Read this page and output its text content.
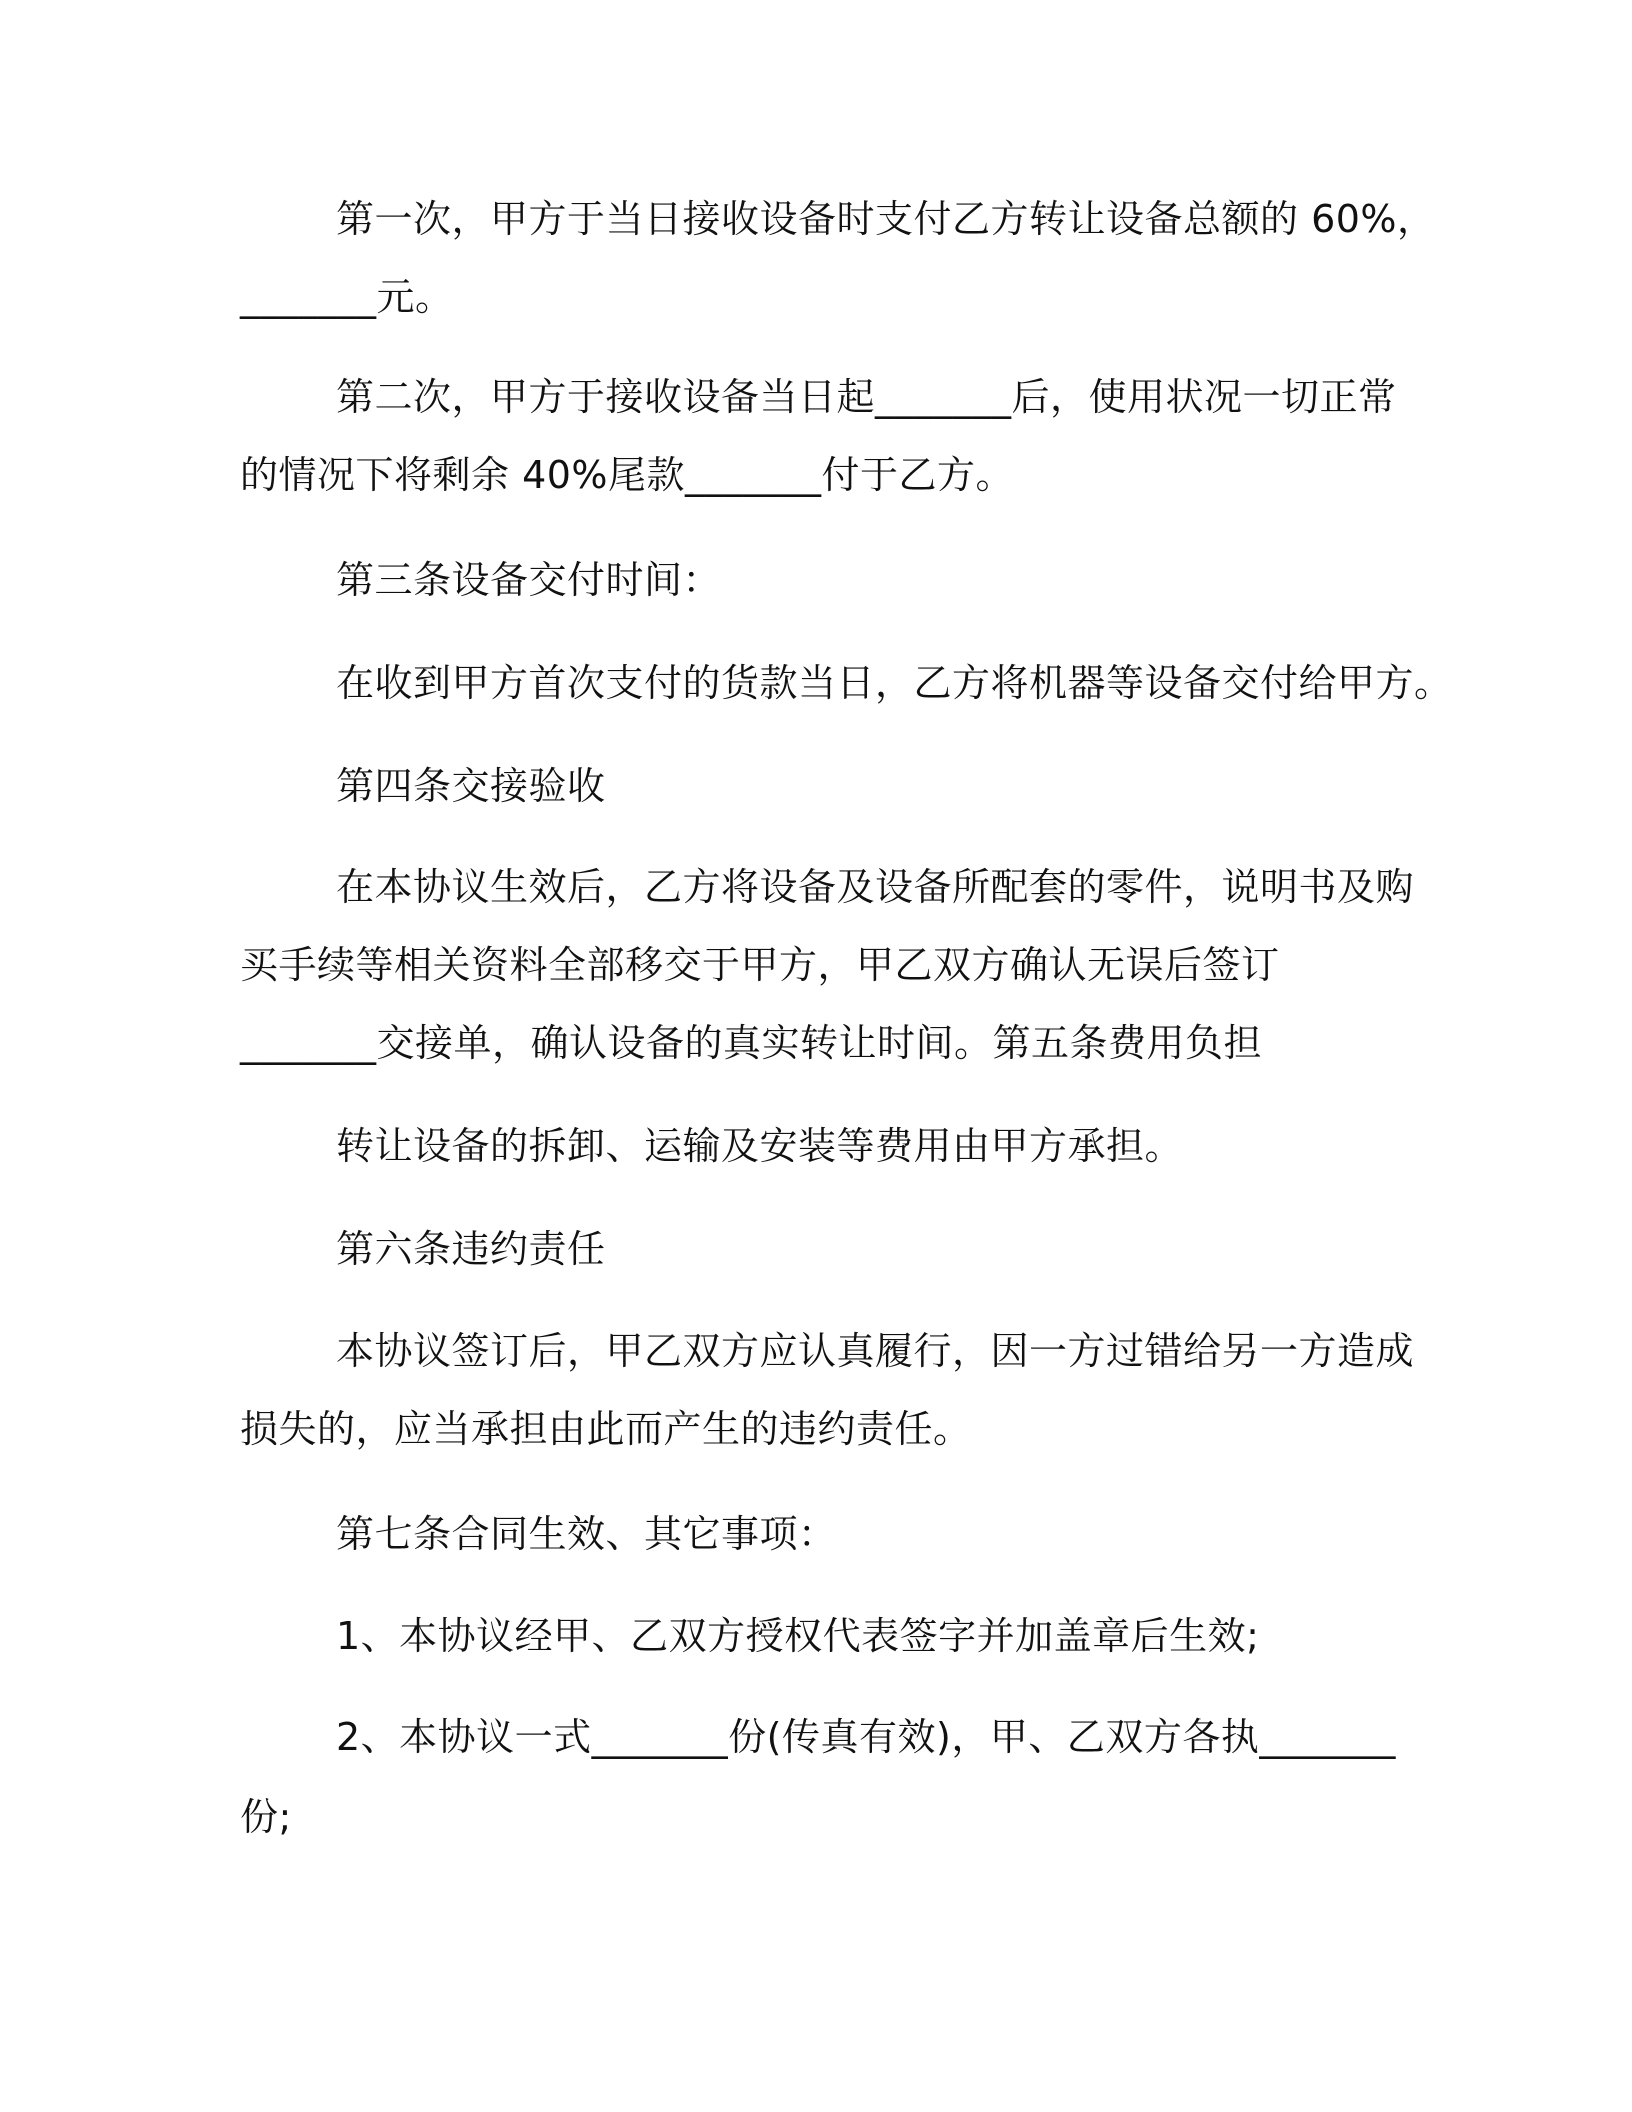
第一次，甲方于当日接收设备时支付乙方转让设备总额的 60%，
_______元。
第二次，甲方于接收设备当日起_______后，使用状况一切正常
的情况下将剩余 40%尾款_______付于乙方。
第三条设备交付时间：
在收到甲方首次支付的货款当日，乙方将机器等设备交付给甲方。
第四条交接验收
在本协议生效后，乙方将设备及设备所配套的零件，说明书及购
买手续等相关资料全部移交于甲方，甲乙双方确认无误后签订
_______交接单，确认设备的真实转让时间。第五条费用负担
转让设备的拆卸、运输及安装等费用由甲方承担。
第六条违约责任
本协议签订后，甲乙双方应认真履行，因一方过错给另一方造成
损失的，应当承担由此而产生的违约责任。
第七条合同生效、其它事项：
1、本协议经甲、乙双方授权代表签字并加盖章后生效;
2、本协议一式_______份(传真有效)，甲、乙双方各执_______
份;
